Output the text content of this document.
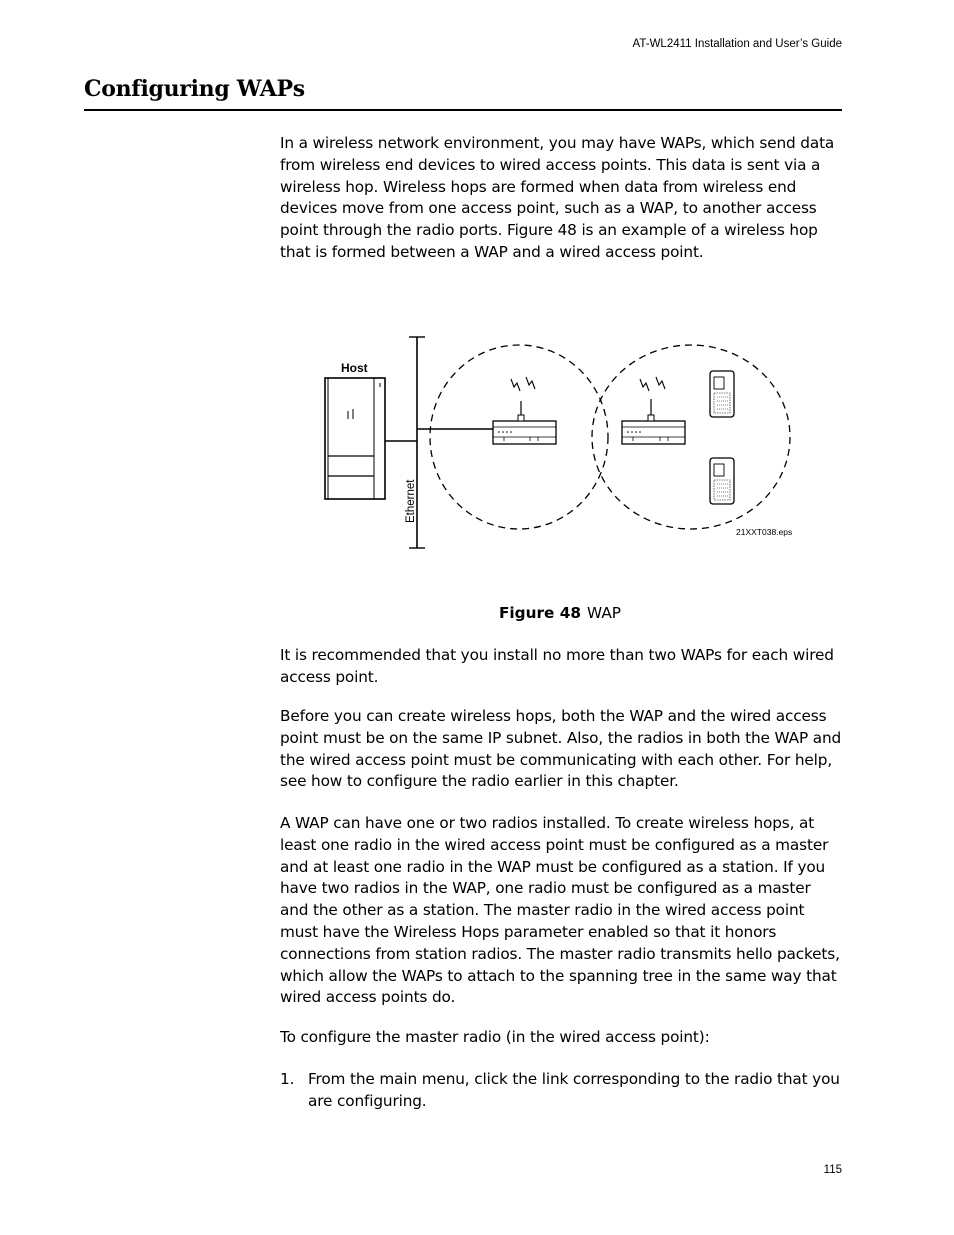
AT-WL2411 Installation and User’s Guide
Configuring WAPs

In a wireless network environment, you may have WAPs, which send data from wireless end devices to wired access points. This data is sent via a wireless hop. Wireless hops are formed when data from wireless end devices move from one access point, such as a WAP, to another access point through the radio ports. Figure 48 is an example of a wireless hop that is formed between a WAP and a wired access point.

Host
Ethernet
21XXT038.eps
Figure 48 WAP

It is recommended that you install no more than two WAPs for each wired access point.

Before you can create wireless hops, both the WAP and the wired access point must be on the same IP subnet. Also, the radios in both the WAP and the wired access point must be communicating with each other. For help, see how to configure the radio earlier in this chapter.

A WAP can have one or two radios installed. To create wireless hops, at least one radio in the wired access point must be configured as a master and at least one radio in the WAP must be configured as a station. If you have two radios in the WAP, one radio must be configured as a master and the other as a station. The master radio in the wired access point must have the Wireless Hops parameter enabled so that it honors connections from station radios. The master radio transmits hello packets, which allow the WAPs to attach to the spanning tree in the same way that wired access points do.

To configure the master radio (in the wired access point):

1. From the main menu, click the link corresponding to the radio that you are configuring.
115
